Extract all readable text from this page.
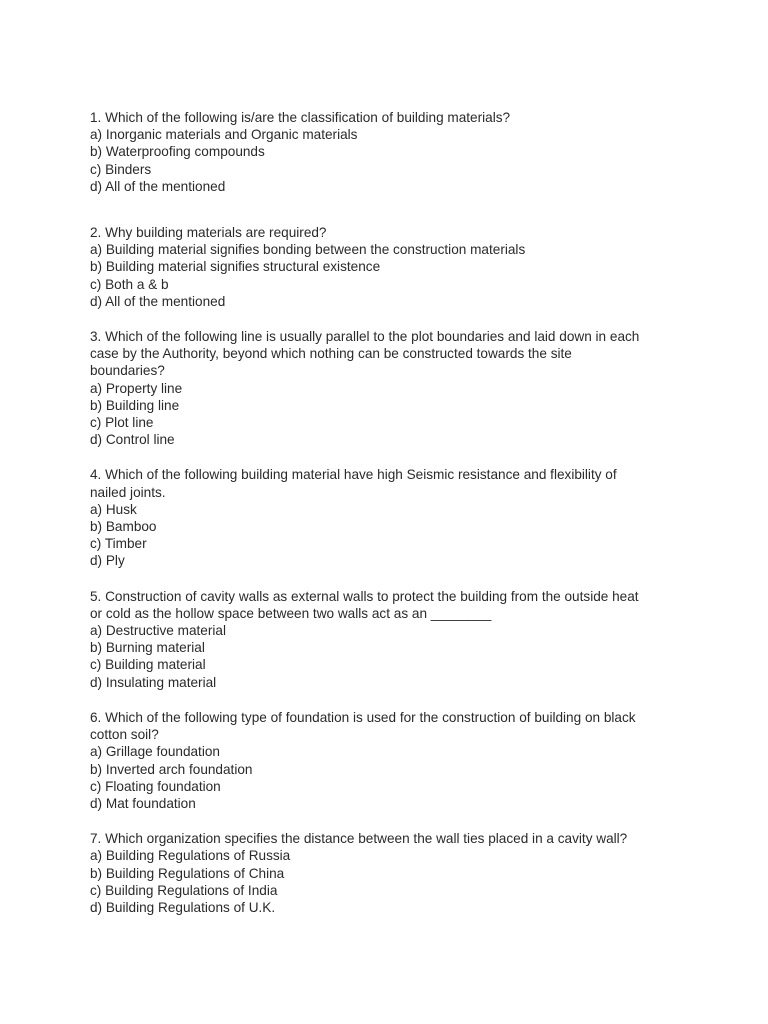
1. Which of the following is/are the classification of building materials?
a) Inorganic materials and Organic materials
b) Waterproofing compounds
c) Binders
d) All of the mentioned
2. Why building materials are required?
a) Building material signifies bonding between the construction materials
b) Building material signifies structural existence
c) Both a & b
d) All of the mentioned
3. Which of the following line is usually parallel to the plot boundaries and laid down in each
case by the Authority, beyond which nothing can be constructed towards the site
boundaries?
a) Property line
b) Building line
c) Plot line
d) Control line
4. Which of the following building material have high Seismic resistance and flexibility of
nailed joints.
a) Husk
b) Bamboo
c) Timber
d) Ply
5. Construction of cavity walls as external walls to protect the building from the outside heat
or cold as the hollow space between two walls act as an ________
a) Destructive material
b) Burning material
c) Building material
d) Insulating material
6. Which of the following type of foundation is used for the construction of building on black
cotton soil?
a) Grillage foundation
b) Inverted arch foundation
c) Floating foundation
d) Mat foundation
7. Which organization specifies the distance between the wall ties placed in a cavity wall?
a) Building Regulations of Russia
b) Building Regulations of China
c) Building Regulations of India
d) Building Regulations of U.K.
